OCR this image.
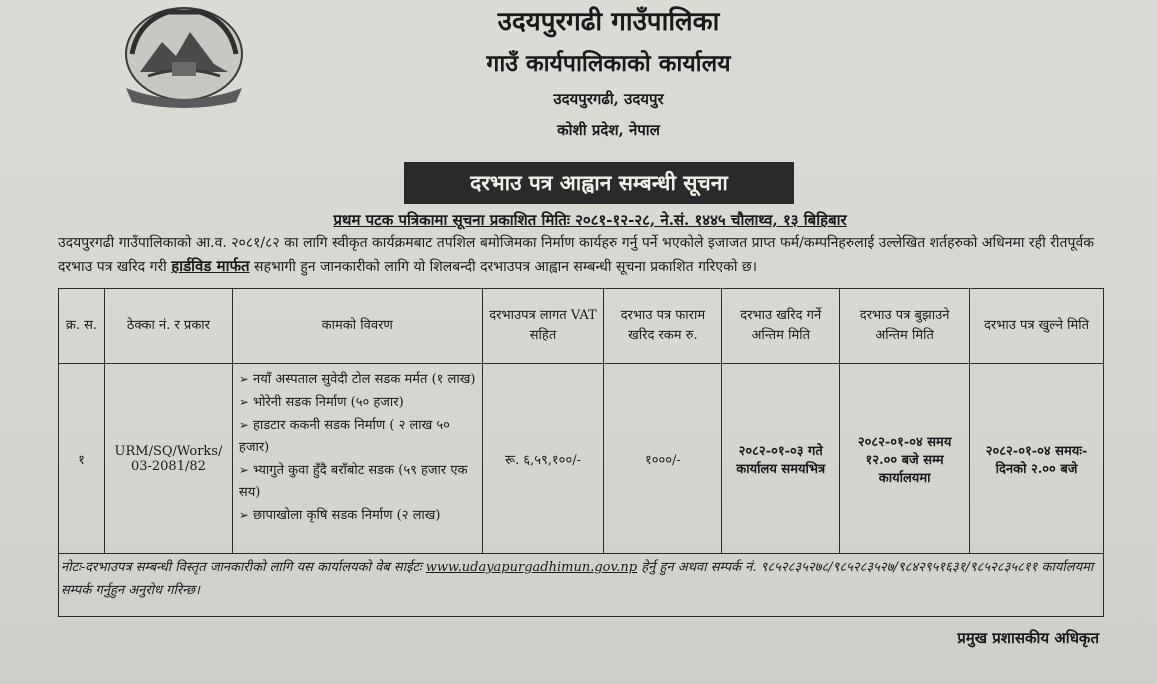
उदयपुरगढी गाउँपालिका
गाउँ कार्यपालिकाको कार्यालय
उदयपुरगढी, उदयपुर
कोशी प्रदेश, नेपाल
दरभाउ पत्र आह्वान सम्बन्धी सूचना
प्रथम पटक पत्रिकामा सूचना प्रकाशित मितिः २०८१-१२-२८, ने.सं. १४४५ चौलाथ्व, १३ बिहिबार
उदयपुरगढी गाउँपालिकाको आ.व. २०८१/८२ का लागि स्वीकृत कार्यक्रमबाट तपशिल बमोजिमका निर्माण कार्यहरु गर्नु पर्ने भएकोले इजाजत प्राप्त फर्म/कम्पनिहरुलाई उल्लेखित शर्तहरुको अधिनमा रही रीतपूर्वक दरभाउ पत्र खरिद गरी हार्डविड मार्फत सहभागी हुन जानकारीको लागि यो शिलबन्दी दरभाउपत्र आह्वान सम्बन्धी सूचना प्रकाशित गरिएको छ।
क्र. स.	ठेक्का नं. र प्रकार	कामको विवरण	दरभाउपत्र लागत VAT सहित	दरभाउ पत्र फाराम खरिद रकम रु.	दरभाउ खरिद गर्ने अन्तिम मिति	दरभाउ पत्र बुझाउने अन्तिम मिति	दरभाउ पत्र खुल्ने मिति
१	URM/SQ/Works/ 03-2081/82	➢ नयाँ अस्पताल सुवेदी टोल सडक मर्मत (१ लाख)
➢ भोरेनी सडक निर्माण (५० हजार)
➢ हाडटार ककनी सडक निर्माण ( २ लाख ५० हजार)
➢ भ्यागुते कुवा हुँदै बराँबोट सडक (५९ हजार एक सय)
➢ छापाखोला कृषि सडक निर्माण (२ लाख)	रू. ६,५९,१००/-	१०००/-	२०८२-०१-०३ गते कार्यालय समयभित्र	२०८२-०१-०४ समय १२.०० बजे सम्म कार्यालयमा	२०८२-०१-०४ समयः- दिनको २.०० बजे
नोटः-दरभाउपत्र सम्बन्धी विस्तृत जानकारीको लागि यस कार्यालयको वेब साईटः www.udayapurgadhimun.gov.np हेर्नु हुन अथवा सम्पर्क नं. ९८५२८३५२७८/९८५२८३५२७/९८४२९५१६३१/९८५२८३५८११ कार्यालयमा सम्पर्क गर्नुहुन अनुरोध गरिन्छ।
प्रमुख प्रशासकीय अधिकृत
